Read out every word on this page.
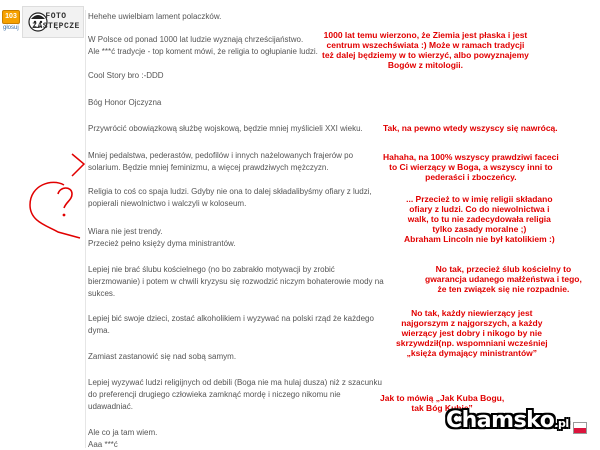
103
głosuj
FOTO ZASTĘPCZE
Hehehe uwielbiam lament polaczków.
W Polsce od ponad 1000 lat ludzie wyznają chrześcijaństwo.
Ale ***ć tradycje - top koment mówi, że religia to ogłupianie ludzi.
Cool Story bro :-DDD
Bóg Honor Ojczyzna
Przywrócić obowiązkową służbę wojskową, będzie mniej myślicieli XXI wieku.
Mniej pedalstwa, pederastów, pedofilów i innych nażelowanych frajerów po
solarium. Będzie mniej feminizmu, a więcej prawdziwych mężczyzn.
Religia to coś co spaja ludzi. Gdyby nie ona to dalej składalibyśmy ofiary z ludzi,
popierali niewolnictwo i walczyli w koloseum.
Wiara nie jest trendy.
Przecież pełno księży dyma ministrantów.
Lepiej nie brać ślubu kościelnego (no bo zabrakło motywacji by zrobić
bierzmowanie) i potem w chwili kryzysu się rozwodzić niczym bohaterowie mody na
sukces.
Lepiej bić swoje dzieci, zostać alkoholikiem i wyzywać na polski rząd że każdego
dyma.
Zamiast zastanowić się nad sobą samym.
Lepiej wyzywać ludzi religijnych od debili (Boga nie ma hulaj dusza) niż z szacunku
do preferencji drugiego człowieka zamknąć mordę i niczego nikomu nie
udawadniać.
Ale co ja tam wiem.
Aaa ***ć
1000 lat temu wierzono, że Ziemia jest płaska i jest
centrum wszechświata :) Może w ramach tradycji
też dalej będziemy w to wierzyć, albo powyznajemy
Bogów z mitologii.
Tak, na pewno wtedy wszyscy się nawrócą.
Hahaha, na 100% wszyscy prawdziwi faceci
to Ci wierzący w Boga, a wszyscy inni to
pederaści i zboczeńcy.
... Przecież to w imię religii składano
ofiary z ludzi. Co do niewolnictwa i
walk, to tu nie zadecydowała religia
tylko zasady moralne ;)
Abraham Lincoln nie był katolikiem :)
No tak, przecież ślub kościelny to
gwarancja udanego małżeństwa i tego,
że ten związek się nie rozpadnie.
No tak, każdy niewierzący jest
najgorszym z najgorszych, a każdy
wierzący jest dobry i nikogo by nie
skrzywdził(np. wspomniani wcześniej
„księża dymający ministrantów”
Jak to mówią „Jak Kuba Bogu,
tak Bóg Kubie”
Chamsko.pl
